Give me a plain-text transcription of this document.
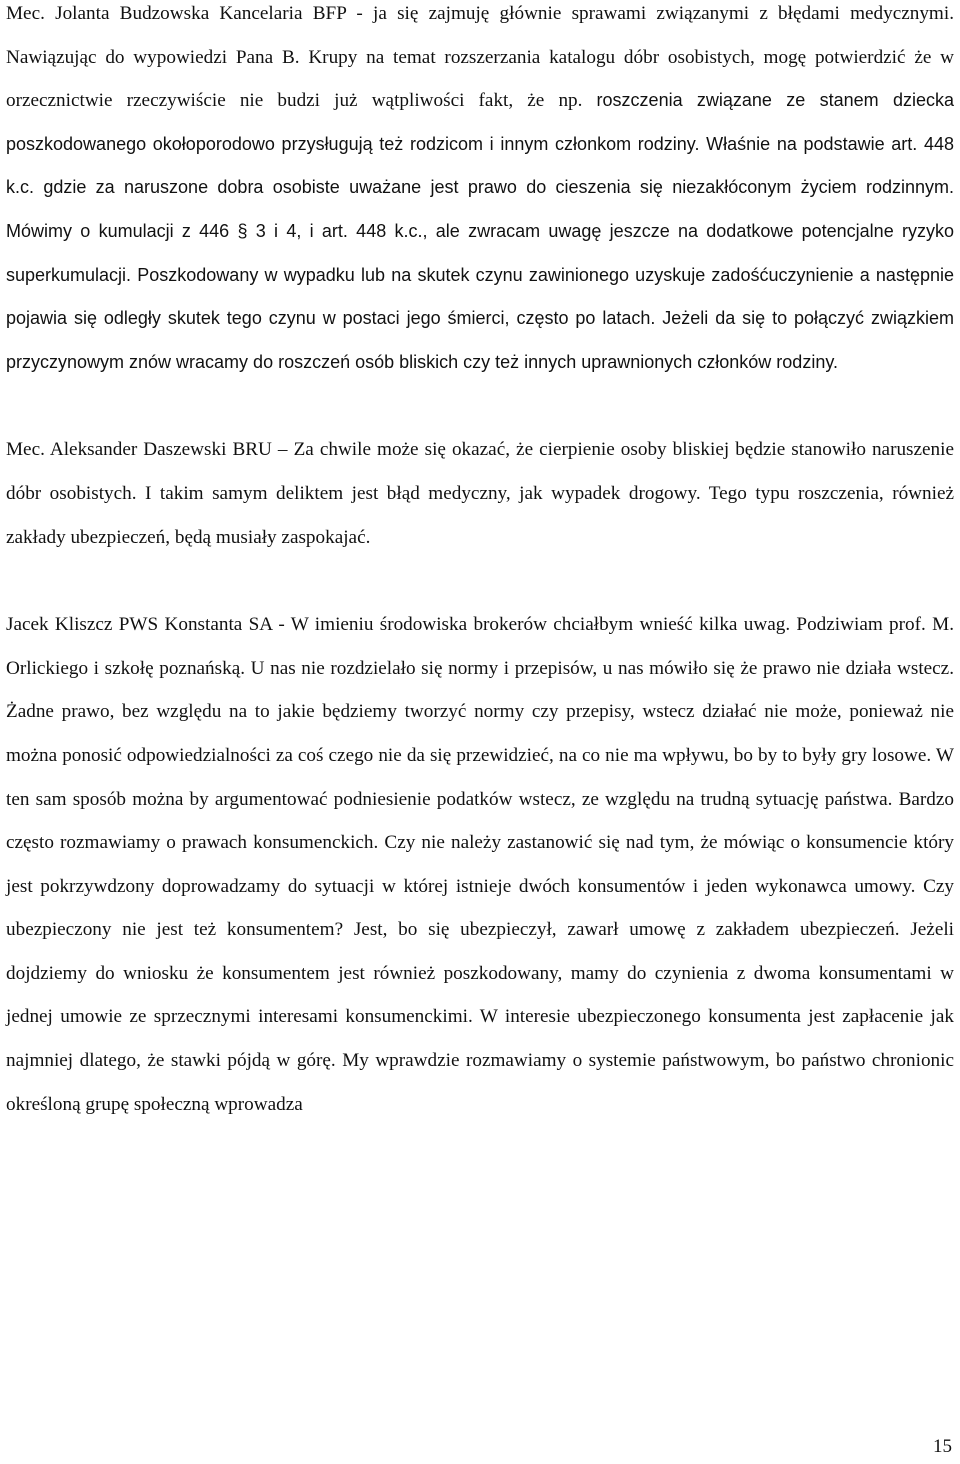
Mec. Jolanta Budzowska Kancelaria BFP - ja się zajmuję głównie sprawami związanymi z błędami medycznymi. Nawiązując do wypowiedzi Pana B. Krupy na temat rozszerzania katalogu dóbr osobistych, mogę potwierdzić że w orzecznictwie rzeczywiście nie budzi już wątpliwości fakt, że np. roszczenia związane ze stanem dziecka poszkodowanego okołoporodowo przysługują też rodzicom i innym członkom rodziny. Właśnie na podstawie art. 448 k.c. gdzie za naruszone dobra osobiste uważane jest prawo do cieszenia się niezakłóconym życiem rodzinnym. Mówimy o kumulacji z 446 § 3 i 4, i art. 448 k.c., ale zwracam uwagę jeszcze na dodatkowe potencjalne ryzyko superkumulacji. Poszkodowany w wypadku lub na skutek czynu zawinionego uzyskuje zadośćuczynienie a następnie pojawia się odległy skutek tego czynu w postaci jego śmierci, często po latach. Jeżeli da się to połączyć związkiem przyczynowym znów wracamy do roszczeń osób bliskich czy też innych uprawnionych członków rodziny.

Mec. Aleksander Daszewski BRU – Za chwile może się okazać, że cierpienie osoby bliskiej będzie stanowiło naruszenie dóbr osobistych. I takim samym deliktem jest błąd medyczny, jak wypadek drogowy. Tego typu roszczenia, również zakłady ubezpieczeń, będą musiały zaspokajać.

Jacek Kliszcz PWS Konstanta SA - W imieniu środowiska brokerów chciałbym wnieść kilka uwag. Podziwiam prof. M. Orlickiego i szkołę poznańską. U nas nie rozdzielało się normy i przepisów, u nas mówiło się że prawo nie działa wstecz. Żadne prawo, bez względu na to jakie będziemy tworzyć normy czy przepisy, wstecz działać nie może, ponieważ nie można ponosić odpowiedzialności za coś czego nie da się przewidzieć, na co nie ma wpływu, bo by to były gry losowe. W ten sam sposób można by argumentować podniesienie podatków wstecz, ze względu na trudną sytuację państwa. Bardzo często rozmawiamy o prawach konsumenckich. Czy nie należy zastanowić się nad tym, że mówiąc o konsumencie który jest pokrzywdzony doprowadzamy do sytuacji w której istnieje dwóch konsumentów i jeden wykonawca umowy. Czy ubezpieczony nie jest też konsumentem? Jest, bo się ubezpieczył, zawarł umowę z zakładem ubezpieczeń. Jeżeli dojdziemy do wniosku że konsumentem jest również poszkodowany, mamy do czynienia z dwoma konsumentami w jednej umowie ze sprzecznymi interesami konsumenckimi. W interesie ubezpieczonego konsumenta jest zapłacenie jak najmniej dlatego, że stawki pójdą w górę. My wprawdzie rozmawiamy o systemie państwowym, bo państwo chronionic określoną grupę społeczną wprowadza

15
